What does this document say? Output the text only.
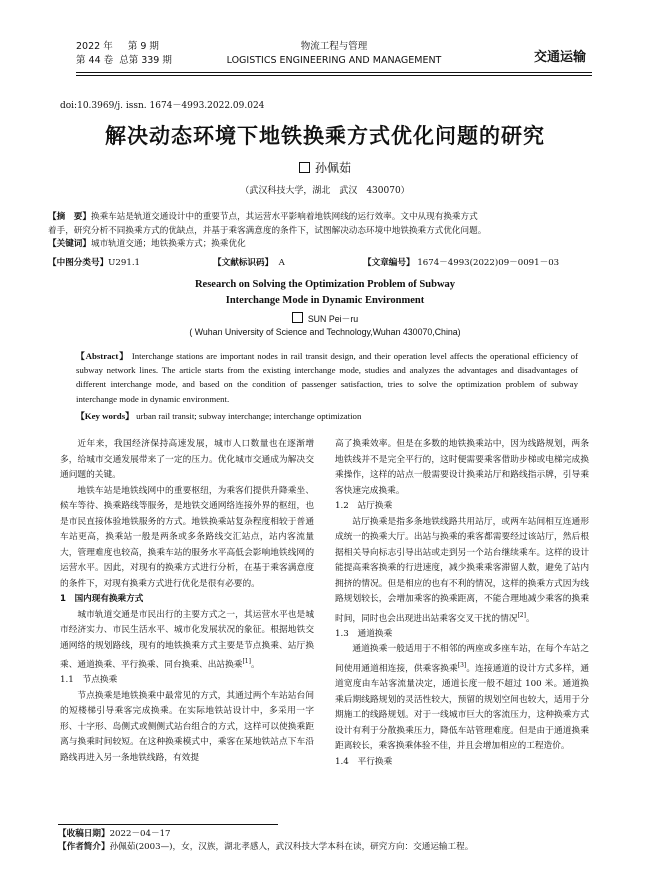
2022 年 第 9 期
第 44 卷 总第 339 期
物流工程与管理
LOGISTICS ENGINEERING AND MANAGEMENT	交通运输
doi:10.3969/j. issn. 1674－4993.2022.09.024
解决动态环境下地铁换乘方式优化问题的研究
孙佩茹
（武汉科技大学，湖北　武汉　430070）
【摘　要】换乘车站是轨道交通设计中的重要节点，其运营水平影响着地铁网线的运行效率。文中从现有换乘方式
着手，研究分析不同换乘方式的优缺点，并基于乘客满意度的条件下，试图解决动态环境中地铁换乘方式优化问题。
【关键词】城市轨道交通；地铁换乘方式；换乘优化
【中图分类号】U291.1	【文献标识码】 A	【文章编号】 1674－4993(2022)09－0091－03
Research on Solving the Optimization Problem of Subway
Interchange Mode in Dynamic Environment
SUN Pei－ru
( Wuhan University of Science and Technology,Wuhan 430070,China)
【Abstract】 Interchange stations are important nodes in rail transit design, and their operation level affects the operational efficiency of subway network lines. The article starts from the existing interchange mode, studies and analyzes the advantages and disadvantages of different interchange mode, and based on the condition of passenger satisfaction, tries to solve the optimization problem of subway interchange mode in dynamic environment.
【Key words】 urban rail transit; subway interchange; interchange optimization

近年来，我国经济保持高速发展，城市人口数量也在逐渐增多，给城市交通发展带来了一定的压力。优化城市交通成为解决交通问题的关键。

地铁车站是地铁线网中的重要枢纽，为乘客们提供升降乘坐、候车等待、换乘路线等服务，是地铁交通网络连接外界的枢纽，也是市民直接体验地铁服务的方式。地铁换乘站复杂程度相较于普通车站更高，换乘站一般是两条或多条路线交汇站点，站内客流量大，管理难度也较高，换乘车站的服务水平高低会影响地铁线网的运营水平。因此，对现有的换乘方式进行分析，在基于乘客满意度的条件下，对现有换乘方式进行优化是很有必要的。

1　国内现有换乘方式

城市轨道交通是市民出行的主要方式之一，其运营水平也是城市经济实力、市民生活水平、城市化发展状况的象征。根据地铁交通网络的规划路线，现有的地铁换乘方式主要是节点换乘、站厅换乘、通道换乘、平行换乘、同台换乘、出站换乘[1]。

1.1　节点换乘

节点换乘是地铁换乘中最常见的方式，其通过两个车站站台间的短楼梯引导乘客完成换乘。在实际地铁站设计中，多采用一字形、十字形、岛侧式或侧侧式站台组合的方式，这样可以使换乘距离与换乘时间较短。在这种换乘模式中，乘客在某地铁站点下车沿路线再进入另一条地铁线路，有效提

高了换乘效率。但是在多数的地铁换乘站中，因为线路规划，两条地铁线并不是完全平行的，这时便需要乘客借助步梯或电梯完成换乘操作，这样的站点一般需要设计换乘站厅和路线指示牌，引导乘客快速完成换乘。

1.2　站厅换乘

站厅换乘是指多条地铁线路共用站厅，或两车站间相互连通形成统一的换乘大厅。出站与换乘的乘客都需要经过该站厅，然后根据相关导向标志引导出站或走到另一个站台继续乘车。这样的设计能提高乘客换乘的行进速度，减少换乘乘客滞留人数，避免了站内拥挤的情况。但是相应的也有不利的情况，这样的换乘方式因为线路规划较长，会增加乘客的换乘距离，不能合理地减少乘客的换乘时间，同时也会出现进出站乘客交叉干扰的情况[2]。

1.3　通道换乘

通道换乘一般适用于不相邻的两座或多座车站，在每个车站之间使用通道相连接，供乘客换乘[3]。连接通道的设计方式多样，通道宽度由车站客流量决定，通道长度一般不超过 100 米。通道换乘后期线路规划的灵活性较大，预留的规划空间也较大，适用于分期施工的线路规划。对于一线城市巨大的客流压力，这种换乘方式设计有利于分散换乘压力，降低车站管理难度。但是由于通道换乘距离较长，乘客换乘体验不佳，并且会增加相应的工程造价。

1.4　平行换乘

【收稿日期】2022－04－17
【作者简介】孙佩茹(2003—)，女，汉族，湖北孝感人，武汉科技大学本科在读，研究方向：交通运输工程。
